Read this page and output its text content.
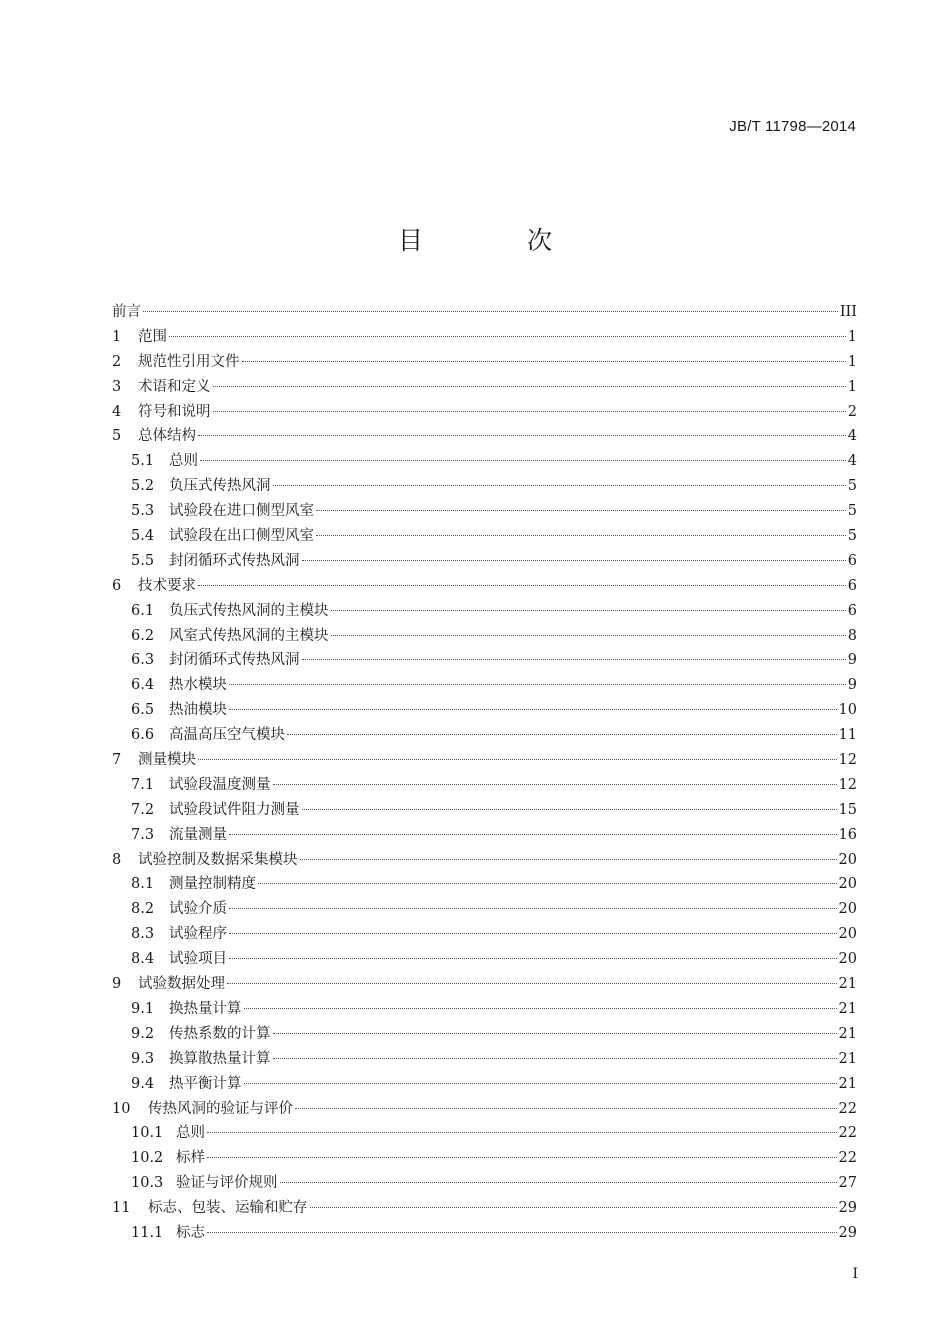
JB/T 11798—2014
目 次
前言	III
1	范围	1
2	规范性引用文件	1
3	术语和定义	1
4	符号和说明	2
5	总体结构	4
5.1	总则	4
5.2	负压式传热风洞	5
5.3	试验段在进口侧型风室	5
5.4	试验段在出口侧型风室	5
5.5	封闭循环式传热风洞	6
6	技术要求	6
6.1	负压式传热风洞的主模块	6
6.2	风室式传热风洞的主模块	8
6.3	封闭循环式传热风洞	9
6.4	热水模块	9
6.5	热油模块	10
6.6	高温高压空气模块	11
7	测量模块	12
7.1	试验段温度测量	12
7.2	试验段试件阻力测量	15
7.3	流量测量	16
8	试验控制及数据采集模块	20
8.1	测量控制精度	20
8.2	试验介质	20
8.3	试验程序	20
8.4	试验项目	20
9	试验数据处理	21
9.1	换热量计算	21
9.2	传热系数的计算	21
9.3	换算散热量计算	21
9.4	热平衡计算	21
10	传热风洞的验证与评价	22
10.1 总则	22
10.2 标样	22
10.3 验证与评价规则	27
11	标志、包装、运输和贮存	29
11.1 标志	29
I
